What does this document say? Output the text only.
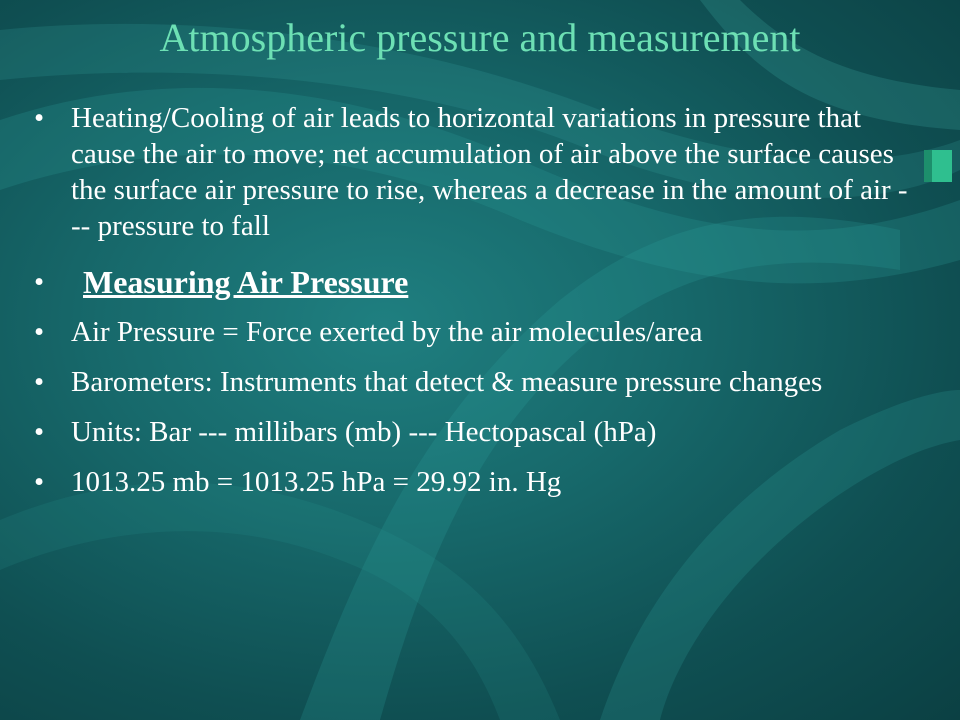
Atmospheric pressure and measurement
• Heating/Cooling of air leads to horizontal variations in pressure that cause the air to move; net accumulation of air above the surface causes the surface air pressure to rise, whereas a decrease in the amount of air --- pressure to fall
•	Measuring Air Pressure
• Air Pressure = Force exerted by the air molecules/area
• Barometers: Instruments that detect & measure pressure changes
• Units: Bar --- millibars (mb) --- Hectopascal (hPa)
• 1013.25 mb = 1013.25 hPa = 29.92 in. Hg
